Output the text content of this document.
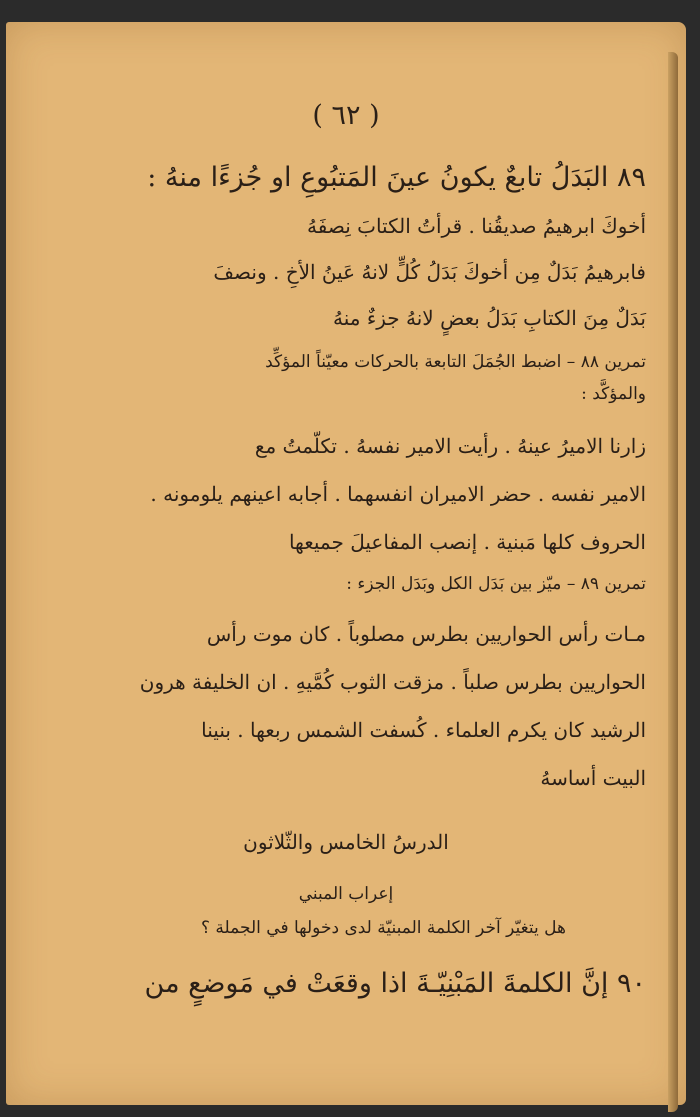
( ٦٢ )
٨٩ البَدَلُ تابعٌ يكونُ عينَ المَتبُوعِ او جُزءًا منهُ :
أخوكَ ابرهيمُ صديقُنا . قرأتُ الكتابَ نِصفَهُ
فابرهيمُ بَدَلٌ مِن أخوكَ بَدَلُ كُلٍّ لانهُ عَينُ الأخِ . ونصفَ
بَدَلٌ مِنَ الكتابِ بَدَلُ بعضٍ لانهُ جزءٌ منهُ
تمرين ٨٨ – اضبط الجُمَلَ التابعة بالحركات معيّناً المؤكِّد
والمؤكَّد :
زارنا الاميرُ عينهُ . رأيت الامير نفسهُ . تكلّمتُ مع
الامير نفسه . حضر الاميران انفسهما . أجابه اعينهم يلومونه .
الحروف كلها مَبنية . إنصب المفاعيلَ جميعها
تمرين ٨٩ – ميّز بين بَدَل الكل وبَدَل الجزء :
مـات رأس الحواريين بطرس مصلوباً . كان موت رأس
الحواريين بطرس صلباً . مزقت الثوب كُمَّيهِ . ان الخليفة هرون
الرشيد كان يكرم العلماء . كُسفت الشمس ربعها . بنينا
البيت أساسهُ
الدرسُ الخامس والثّلاثون
إعراب المبني
هل يتغيّر آخر الكلمة المبنيّة لدى دخولها في الجملة ؟
٩٠ إنَّ الكلمةَ المَبْنِيّـةَ اذا وقعَتْ في مَوضعٍ من
